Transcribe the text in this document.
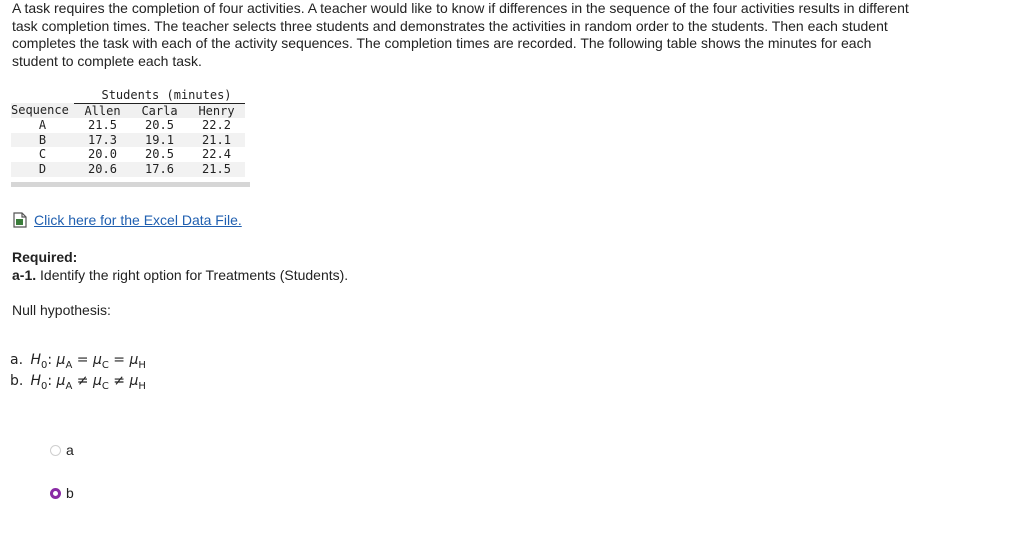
A task requires the completion of four activities. A teacher would like to know if differences in the sequence of the four activities results in different task completion times. The teacher selects three students and demonstrates the activities in random order to the students. Then each student completes the task with each of the activity sequences. The completion times are recorded. The following table shows the minutes for each student to complete each task.
	Students (minutes)		
Sequence	Allen	Carla	Henry
A	21.5	20.5	22.2
B	17.3	19.1	21.1
C	20.0	20.5	22.4
D	20.6	17.6	21.5
Click here for the Excel Data File.
Required:
a-1. Identify the right option for Treatments (Students).
Null hypothesis:
a. $H_0$: $\mu_A = \mu_C = \mu_H$
b. $H_0$: $\mu_A \ne \mu_C \ne \mu_H$
a
b
